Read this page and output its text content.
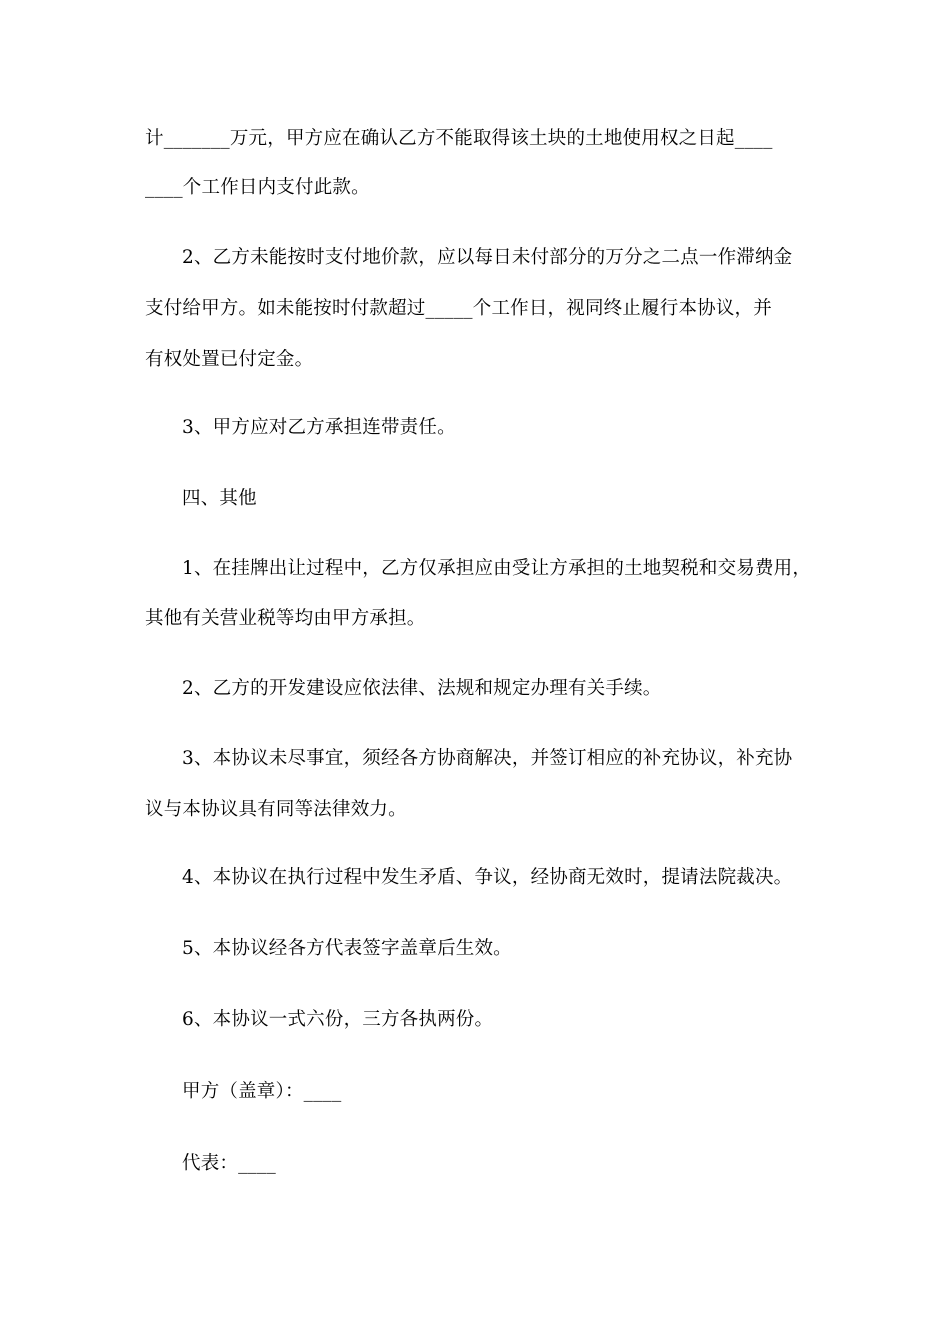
计_______万元，甲方应在确认乙方不能取得该土块的土地使用权之日起____
____个工作日内支付此款。
2、乙方未能按时支付地价款，应以每日未付部分的万分之二点一作滞纳金
支付给甲方。如未能按时付款超过_____个工作日，视同终止履行本协议，并
有权处置已付定金。
3、甲方应对乙方承担连带责任。
四、其他
1、在挂牌出让过程中，乙方仅承担应由受让方承担的土地契税和交易费用，
其他有关营业税等均由甲方承担。
2、乙方的开发建设应依法律、法规和规定办理有关手续。
3、本协议未尽事宜，须经各方协商解决，并签订相应的补充协议，补充协
议与本协议具有同等法律效力。
4、本协议在执行过程中发生矛盾、争议，经协商无效时，提请法院裁决。
5、本协议经各方代表签字盖章后生效。
6、本协议一式六份，三方各执两份。
甲方（盖章）：____
代表：____
